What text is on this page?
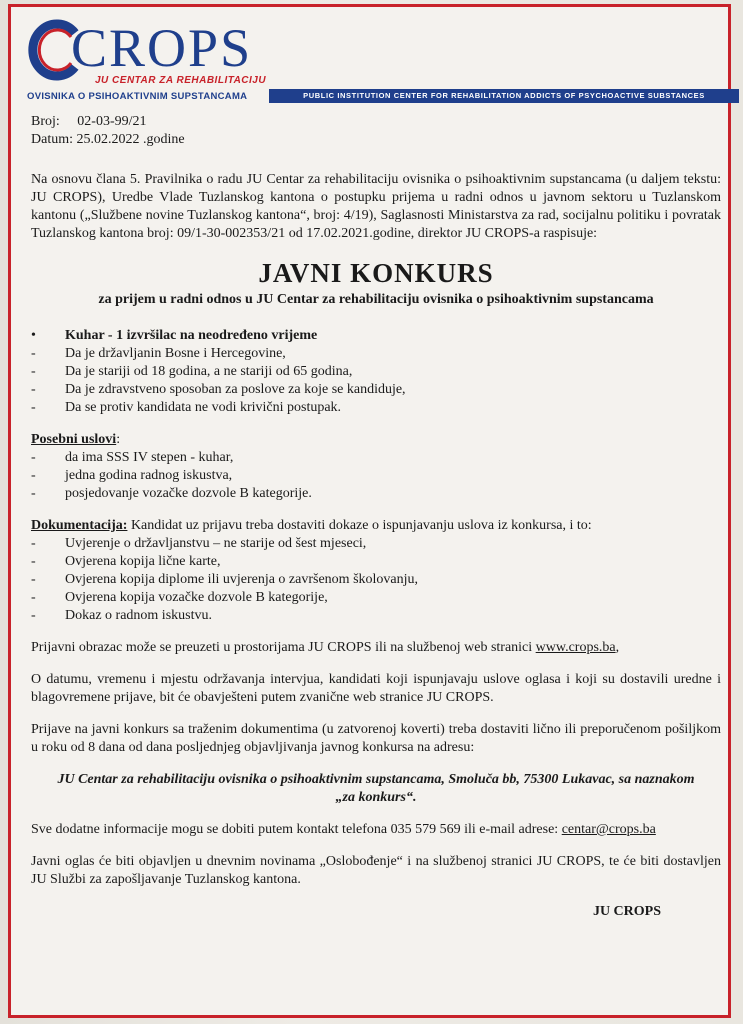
CROPS
JU CENTAR ZA REHABILITACIJU
OVISNIKA O PSIHOAKTIVNIM SUPSTANCAMA	PUBLIC INSTITUTION CENTER FOR REHABILITATION ADDICTS OF PSYCHOACTIVE SUBSTANCES

Broj: 02-03-99/21

Datum: 25.02.2022 .godine

Na osnovu člana 5. Pravilnika o radu JU Centar za rehabilitaciju ovisnika o psihoaktivnim supstancama (u daljem tekstu: JU CROPS), Uredbe Vlade Tuzlanskog kantona o postupku prijema u radni odnos u javnom sektoru u Tuzlanskom kantonu („Službene novine Tuzlanskog kantona“, broj: 4/19), Saglasnosti Ministarstva za rad, socijalnu politiku i povratak Tuzlanskog kantona broj: 09/1-30-002353/21 od 17.02.2021.godine, direktor JU CROPS-a raspisuje:

JAVNI KONKURS
za prijem u radni odnos u JU Centar za rehabilitaciju ovisnika o psihoaktivnim supstancama
•	Kuhar - 1 izvršilac na neodređeno vrijeme
-	Da je državljanin Bosne i Hercegovine,
-	Da je stariji od 18 godina, a ne stariji od 65 godina,
-	Da je zdravstveno sposoban za poslove za koje se kandiduje,
-	Da se protiv kandidata ne vodi krivični postupak.

Posebni uslovi:

-	da ima SSS IV stepen - kuhar,
-	jedna godina radnog iskustva,
-	posjedovanje vozačke dozvole B kategorije.

Dokumentacija: Kandidat uz prijavu treba dostaviti dokaze o ispunjavanju uslova iz konkursa, i to:

-	Uvjerenje o državljanstvu – ne starije od šest mjeseci,
-	Ovjerena kopija lične karte,
-	Ovjerena kopija diplome ili uvjerenja o završenom školovanju,
-	Ovjerena kopija vozačke dozvole B kategorije,
-	Dokaz o radnom iskustvu.

Prijavni obrazac može se preuzeti u prostorijama JU CROPS ili na službenoj web stranici www.crops.ba,

O datumu, vremenu i mjestu održavanja intervjua, kandidati koji ispunjavaju uslove oglasa i koji su dostavili uredne i blagovremene prijave, bit će obavješteni putem zvanične web stranice JU CROPS.

Prijave na javni konkurs sa traženim dokumentima (u zatvorenoj koverti) treba dostaviti lično ili preporučenom pošiljkom u roku od 8 dana od dana posljednjeg objavljivanja javnog konkursa na adresu:

JU Centar za rehabilitaciju ovisnika o psihoaktivnim supstancama, Smoluča bb, 75300 Lukavac, sa naznakom „za konkurs“.

Sve dodatne informacije mogu se dobiti putem kontakt telefona 035 579 569 ili e-mail adrese: centar@crops.ba

Javni oglas će biti objavljen u dnevnim novinama „Oslobođenje“ i na službenoj stranici JU CROPS, te će biti dostavljen JU Službi za zapošljavanje Tuzlanskog kantona.

JU CROPS
